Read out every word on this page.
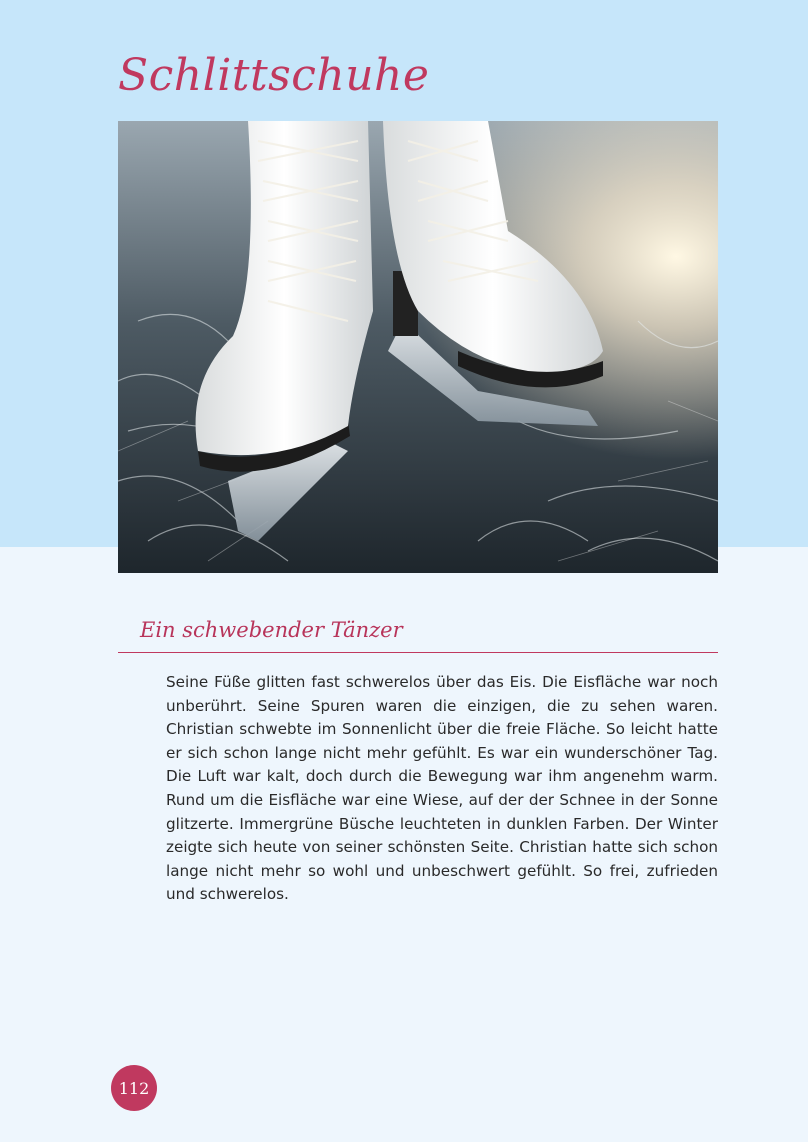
Schlittschuhe
Ein schwebender Tänzer

Seine Füße glitten fast schwerelos über das Eis. Die Eisfläche war noch unberührt. Seine Spuren waren die einzigen, die zu sehen waren. Christian schwebte im Sonnenlicht über die freie Fläche. So leicht hatte er sich schon lange nicht mehr gefühlt. Es war ein wunderschöner Tag. Die Luft war kalt, doch durch die Bewegung war ihm angenehm warm. Rund um die Eisfläche war eine Wiese, auf der der Schnee in der Sonne glitzerte. Immergrüne Büsche leuchteten in dunklen Farben. Der Winter zeigte sich heute von seiner schönsten Seite. Christian hatte sich schon lange nicht mehr so wohl und unbeschwert gefühlt. So frei, zufrieden und schwerelos.

112
